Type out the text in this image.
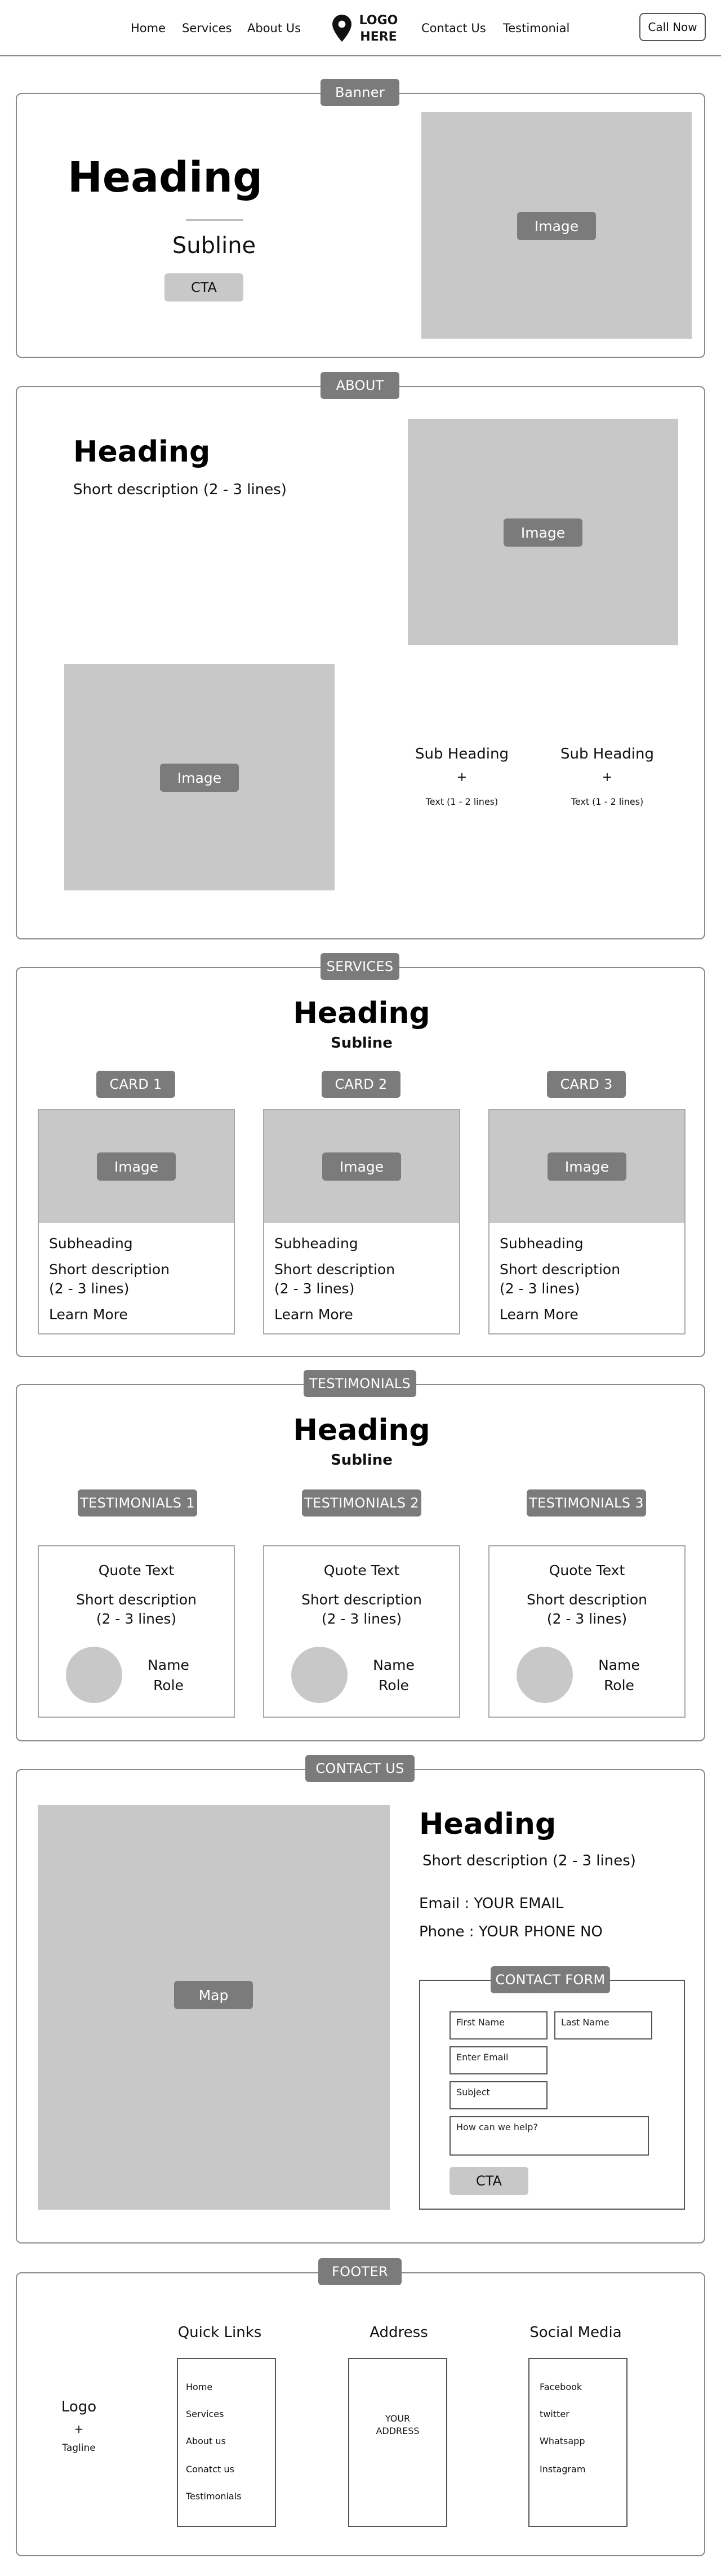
Home Services About Us
LOGO HERE
Contact Us Testimonial	Call Now
Heading
Subline
CTA
Image
Banner
Heading
Short description (2 - 3 lines)
Image
Image
Sub Heading
+
Text (1 - 2 lines)
Sub Heading
+
Text (1 - 2 lines)
ABOUT
Heading
Subline
CARD 1
Image
Subheading
Short description
(2 - 3 lines)
Learn More
CARD 2
Image
Subheading
Short description
(2 - 3 lines)
Learn More
CARD 3
Image
Subheading
Short description
(2 - 3 lines)
Learn More
SERVICES
Heading
Subline
TESTIMONIALS 1
Quote Text
Short description
(2 - 3 lines)
Name
Role
TESTIMONIALS 2
Quote Text
Short description
(2 - 3 lines)
Name
Role
TESTIMONIALS 3
Quote Text
Short description
(2 - 3 lines)
Name
Role
TESTIMONIALS
Map
Heading
Short description (2 - 3 lines)
Email : YOUR EMAIL
Phone : YOUR PHONE NO
First Name	Last Name
Enter Email
Subject
How can we help?
CTA
CONTACT FORM
CONTACT US
Logo
+
Tagline
Quick Links
Home
Services
About us
Conatct us
Testimonials
Address
YOUR
ADDRESS
Social Media
Facebook
twitter
Whatsapp
Instagram
FOOTER
